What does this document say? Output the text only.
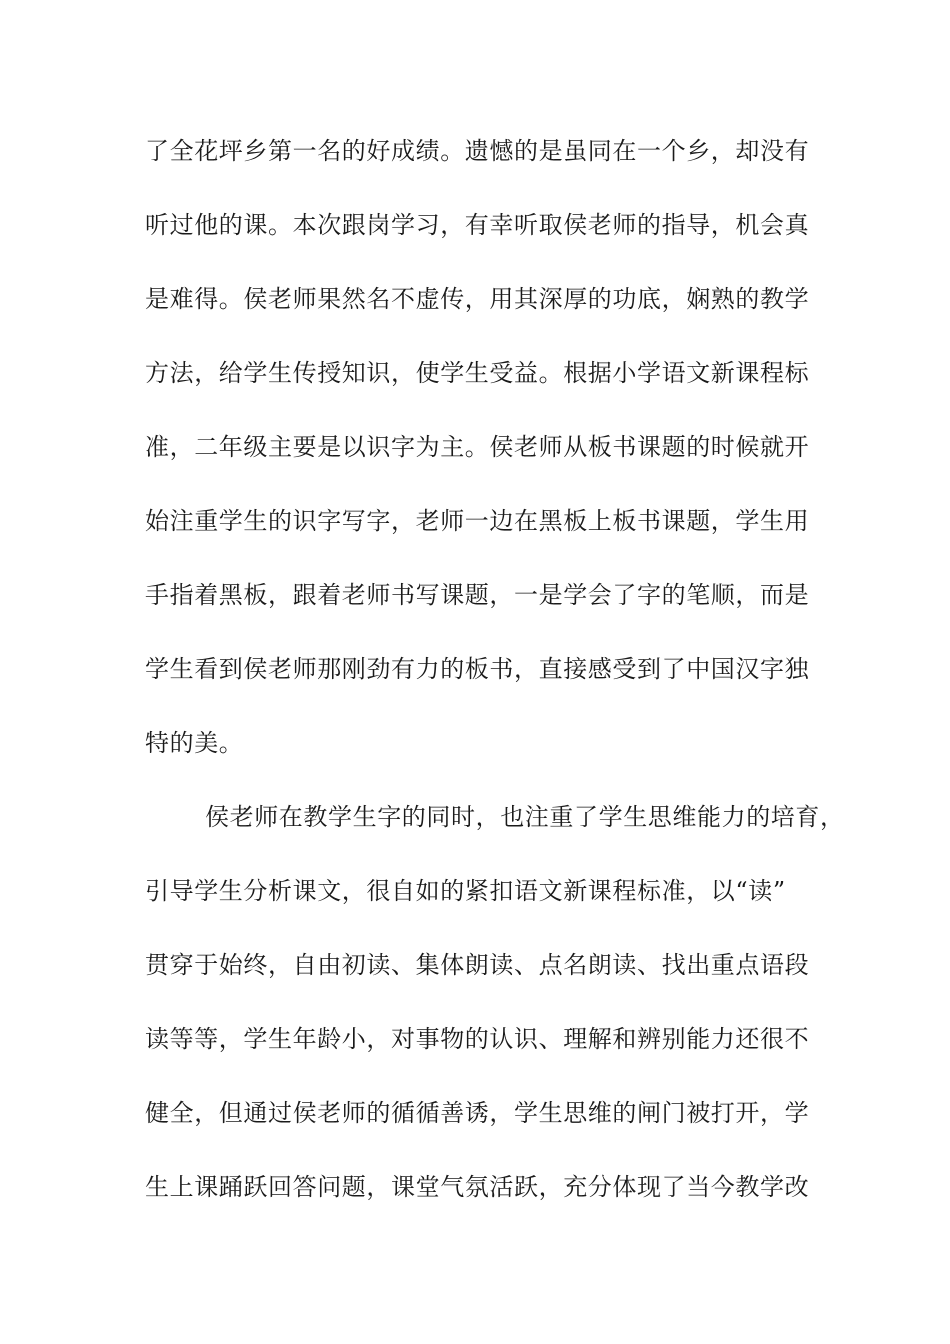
了全花坪乡第一名的好成绩。遗憾的是虽同在一个乡，却没有
听过他的课。本次跟岗学习，有幸听取侯老师的指导，机会真
是难得。侯老师果然名不虚传，用其深厚的功底，娴熟的教学
方法，给学生传授知识，使学生受益。根据小学语文新课程标
准，二年级主要是以识字为主。侯老师从板书课题的时候就开
始注重学生的识字写字，老师一边在黑板上板书课题，学生用
手指着黑板，跟着老师书写课题，一是学会了字的笔顺，而是
学生看到侯老师那刚劲有力的板书，直接感受到了中国汉字独
特的美。
侯老师在教学生字的同时，也注重了学生思维能力的培育，
引导学生分析课文，很自如的紧扣语文新课程标准，以“读”
贯穿于始终，自由初读、集体朗读、点名朗读、找出重点语段
读等等，学生年龄小，对事物的认识、理解和辨别能力还很不
健全，但通过侯老师的循循善诱，学生思维的闸门被打开，学
生上课踊跃回答问题，课堂气氛活跃，充分体现了当今教学改
